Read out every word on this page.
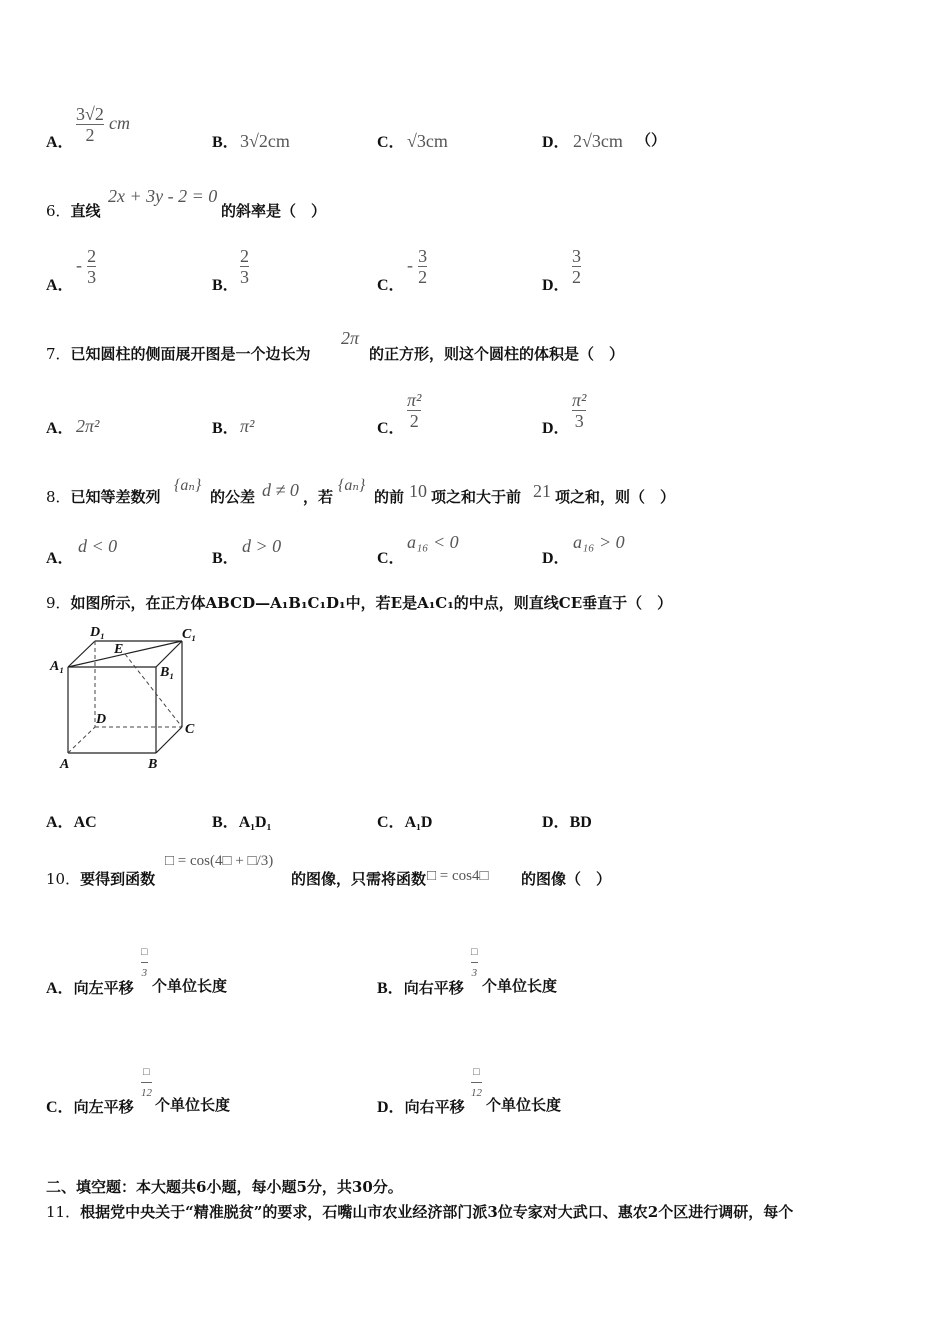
A． $\frac{3√2}{2}$ cm
B． 3√2cm	C． √3cm	D． 2√3cm （）
6．直线
2x + 3y - 2 = 0
的斜率是（　）
A．
- $\frac{2}{3}$	B． $\frac{2}{3}$	C．
- $\frac{3}{2}$	D． $\frac{3}{2}$
7．已知圆柱的侧面展开图是一个边长为
2π
的正方形，则这个圆柱的体积是（　）
A． 2π²	B． π²	C． $\frac{\text{π²}}{2}$	D． $\frac{\text{π²}}{3}$
8．已知等差数列
{aₙ}
的公差 d ≠ 0 ，若
{aₙ}
的前 10 项之和大于前 21 项之和，则（　）
A．
d < 0
B．
d > 0
C．
a₁₆ < 0
D．
a₁₆ > 0
9．如图所示，在正方体ABCD—A₁B₁C₁D₁中，若E是A₁C₁的中点，则直线CE垂直于（　）
D₁	C₁
E
A₁	B₁
D
C
A	B
A．AC	B．A₁D₁	C．A₁D	D．BD
10．要得到函数
□ = cos(4□ + □/3)
的图像，只需将函数 □ = cos4□ 的图像（　）
A．向左平移
$\frac{□}{3}$
个单位长度	B．向右平移
$\frac{□}{3}$
个单位长度
C．向左平移
$\frac{□}{12}$
个单位长度	D．向右平移
$\frac{□}{12}$
个单位长度
二、填空题：本大题共6小题，每小题5分，共30分。
11．根据党中央关于“精准脱贫”的要求，石嘴山市农业经济部门派3位专家对大武口、惠农2个区进行调研，每个
